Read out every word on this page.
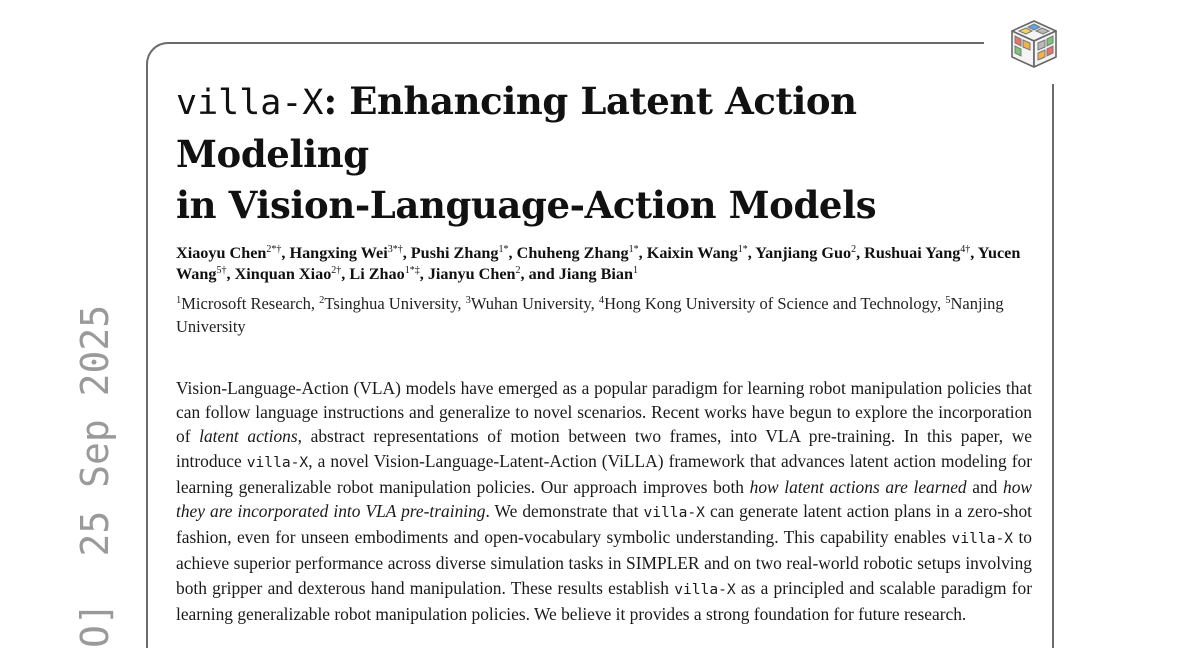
O]  25 Sep 2025
villa-X: Enhancing Latent Action Modeling
in Vision-Language-Action Models
Xiaoyu Chen$^{2*\dagger}$, Hangxing Wei$^{3*\dagger}$, Pushi Zhang$^{1*}$, Chuheng Zhang$^{1*}$, Kaixin Wang$^{1*}$, Yanjiang Guo$^2$, Rushuai Yang$^{4\dagger}$, Yucen Wang$^{5\dagger}$, Xinquan Xiao$^{2\dagger}$, Li Zhao$^{1*\ddagger}$, Jianyu Chen$^2$, and Jiang Bian$^1$
$^1$Microsoft Research, $^2$Tsinghua University, $^3$Wuhan University, $^4$Hong Kong University of Science and Technology, $^5$Nanjing University
Vision-Language-Action (VLA) models have emerged as a popular paradigm for learning robot manipulation policies that can follow language instructions and generalize to novel scenarios. Recent works have begun to explore the incorporation of latent actions, abstract representations of motion between two frames, into VLA pre-training. In this paper, we introduce villa-X, a novel Vision-Language-Latent-Action (ViLLA) framework that advances latent action modeling for learning generalizable robot manipulation policies. Our approach improves both how latent actions are learned and how they are incorporated into VLA pre-training. We demonstrate that villa-X can generate latent action plans in a zero-shot fashion, even for unseen embodiments and open-vocabulary symbolic understanding. This capability enables villa-X to achieve superior performance across diverse simulation tasks in SIMPLER and on two real-world robotic setups involving both gripper and dexterous hand manipulation. These results establish villa-X as a principled and scalable paradigm for learning generalizable robot manipulation policies. We believe it provides a strong foundation for future research.
